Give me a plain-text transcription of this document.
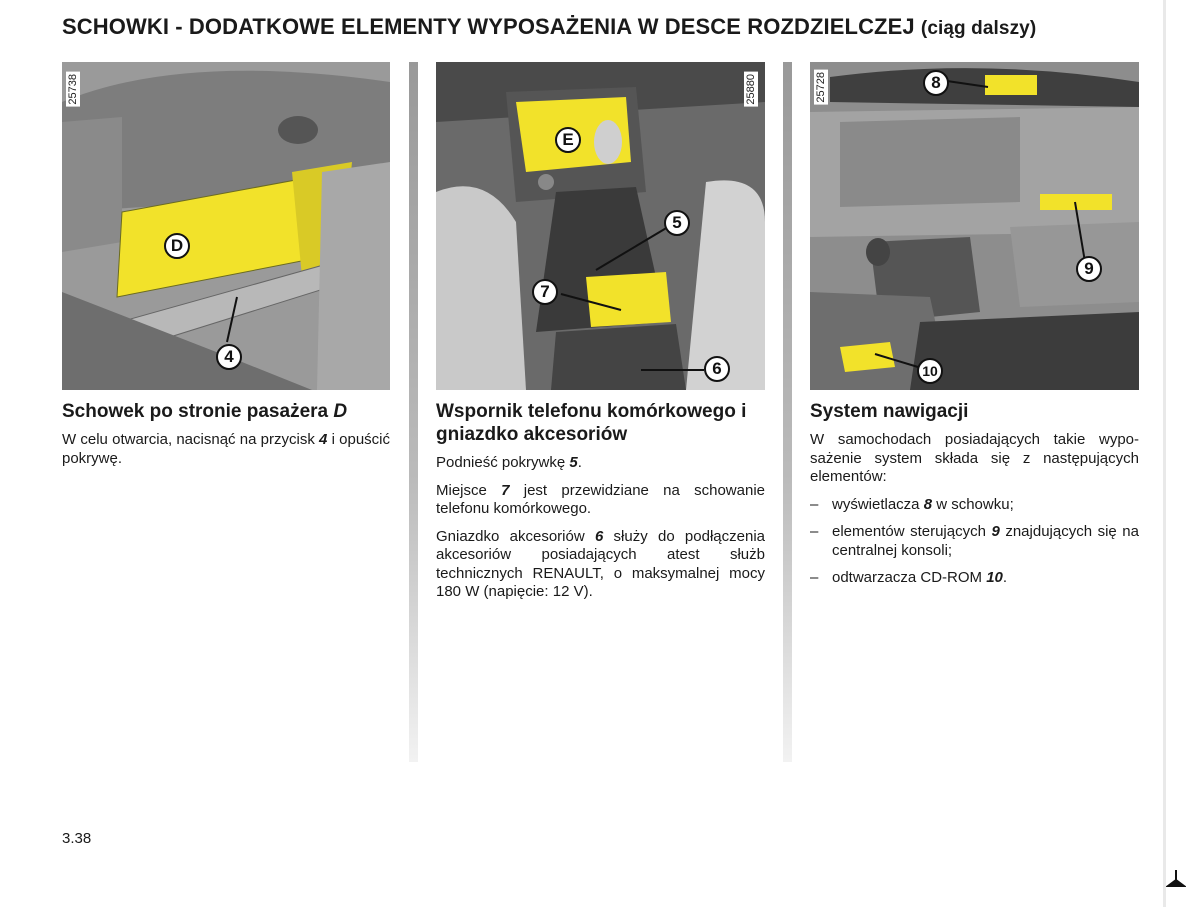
SCHOWKI - DODATKOWE ELEMENTY WYPOSAŻENIA W DESCE ROZDZIELCZEJ (ciąg dalszy)
25738
D
4
Schowek po stronie pasażera D

W celu otwarcia, nacisnąć na przycisk 4 i opuścić pokrywę.

25880
E
5
7
6
Wspornik telefonu komórkowego i gniazdko akcesoriów

Podnieść pokrywkę 5.

Miejsce 7 jest przewidziane na schowanie telefonu komórkowego.

Gniazdko akcesoriów 6 służy do podłączenia akcesoriów posiadających atest służb technicznych RENAULT, o maksymalnej mocy 180 W (napięcie: 12 V).

25728	8
9
10
System nawigacji

W samochodach posiadających takie wyposażenie system składa się z następujących elementów:

– wyświetlacza 8 w schowku;
– elementów sterujących 9 znajdujących się na centralnej konsoli;
– odtwarzacza CD-ROM 10.
3.38
